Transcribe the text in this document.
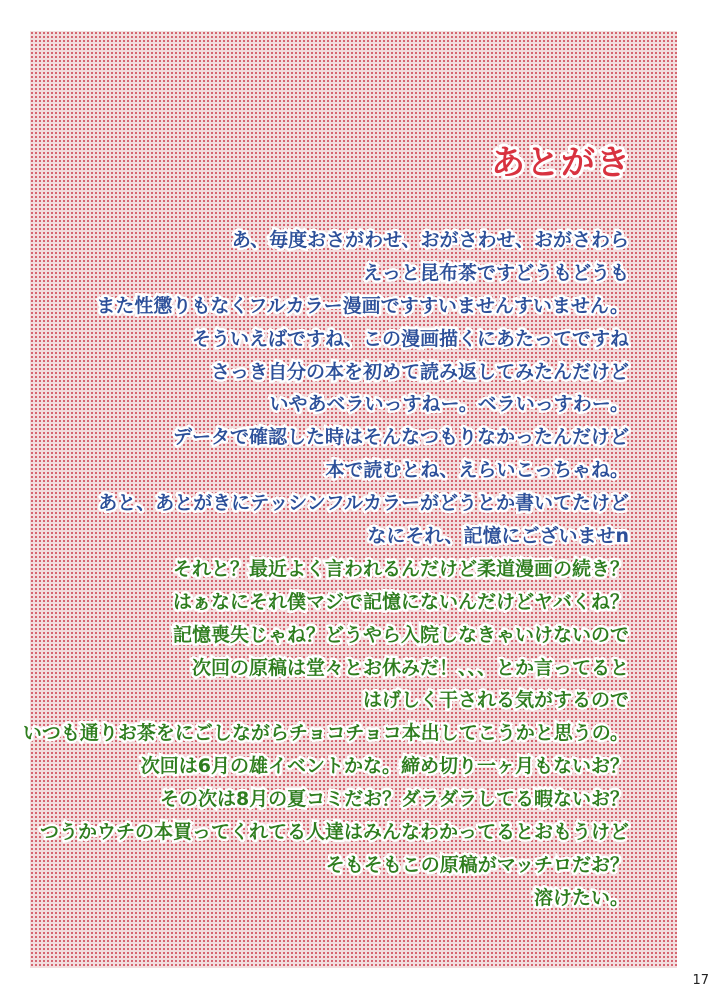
あとがき
あ、毎度おさがわせ、おがさわせ、おがさわら
えっと昆布茶ですどうもどうも
また性懲りもなくフルカラー漫画ですすいませんすいません。
そういえばですね、この漫画描くにあたってですね
さっき自分の本を初めて読み返してみたんだけど
いやあベラいっすねー。ベラいっすわー。
データで確認した時はそんなつもりなかったんだけど
本で読むとね、えらいこっちゃね。
あと、あとがきにテッシンフルカラーがどうとか書いてたけど
なにそれ、記憶にございませn
それと？最近よく言われるんだけど柔道漫画の続き？
はぁなにそれ僕マジで記憶にないんだけどヤバくね？
記憶喪失じゃね？どうやら入院しなきゃいけないので
次回の原稿は堂々とお休みだ！、、、とか言ってると
はげしく干される気がするので
いつも通りお茶をにごしながらチョコチョコ本出してこうかと思うの。
次回は6月の雄イベントかな。締め切り一ヶ月もないお？
その次は8月の夏コミだお？ダラダラしてる暇ないお？
つうかウチの本買ってくれてる人達はみんなわかってるとおもうけど
そもそもこの原稿がマッチロだお？
溶けたい。
17
